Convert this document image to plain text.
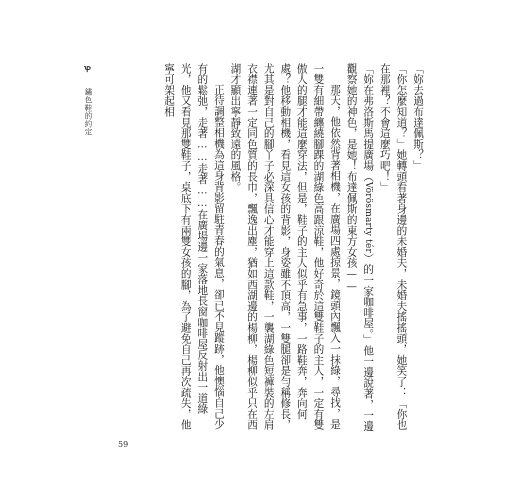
Ꝕ 鏽色鞋的約定	「妳去過布達佩斯？」

「你怎麼知道？」她轉頭看著身邊的未婚夫，未婚夫搖搖頭，她笑了：「你也在那裡？不會這麼巧吧！」

「妳在弗洛斯馬提廣場（Vörösmarty tér）的一家咖啡屋。」他一邊說著，一邊觀察她的神色，是她！布達佩斯的東方女孩——

那天，他依然背著相機，在廣場四處掠景，鏡頭內飄入一抹綠，尋找，是一雙有細帶纏繞腳踝的湖綠色高跟涼鞋，他好奇於這雙鞋子的主人，一定有雙傲人的腿才能這麼穿法，但是，鞋子的主人似乎有急事，一路鞋奔，奔向何處？他移動相機，看見這女孩的背影，身姿雖不頂高，一雙腿卻是勻稱修長，尤其是對自己的腳丫子必深具信心才能穿上這款鞋，一襲湖綠色短褲裝的左肩衣襟連著一定同色質的長巾，飄逸出塵，猶如西湖邊的楊柳，楊柳似乎只在西湖才顯出寧靜致遠的風格。

正待調整相機為這身背影留駐青春的氣息，卻已不見蹤跡，他懊惱自己少有的鬆弛，走著……走著……在廣場邊一家落地長窗咖啡屋反射出一道綠光，他又看見那雙鞋子，桌底下有兩雙女孩的腳，為了避免自己再次疏失，他寧可架起相

59
